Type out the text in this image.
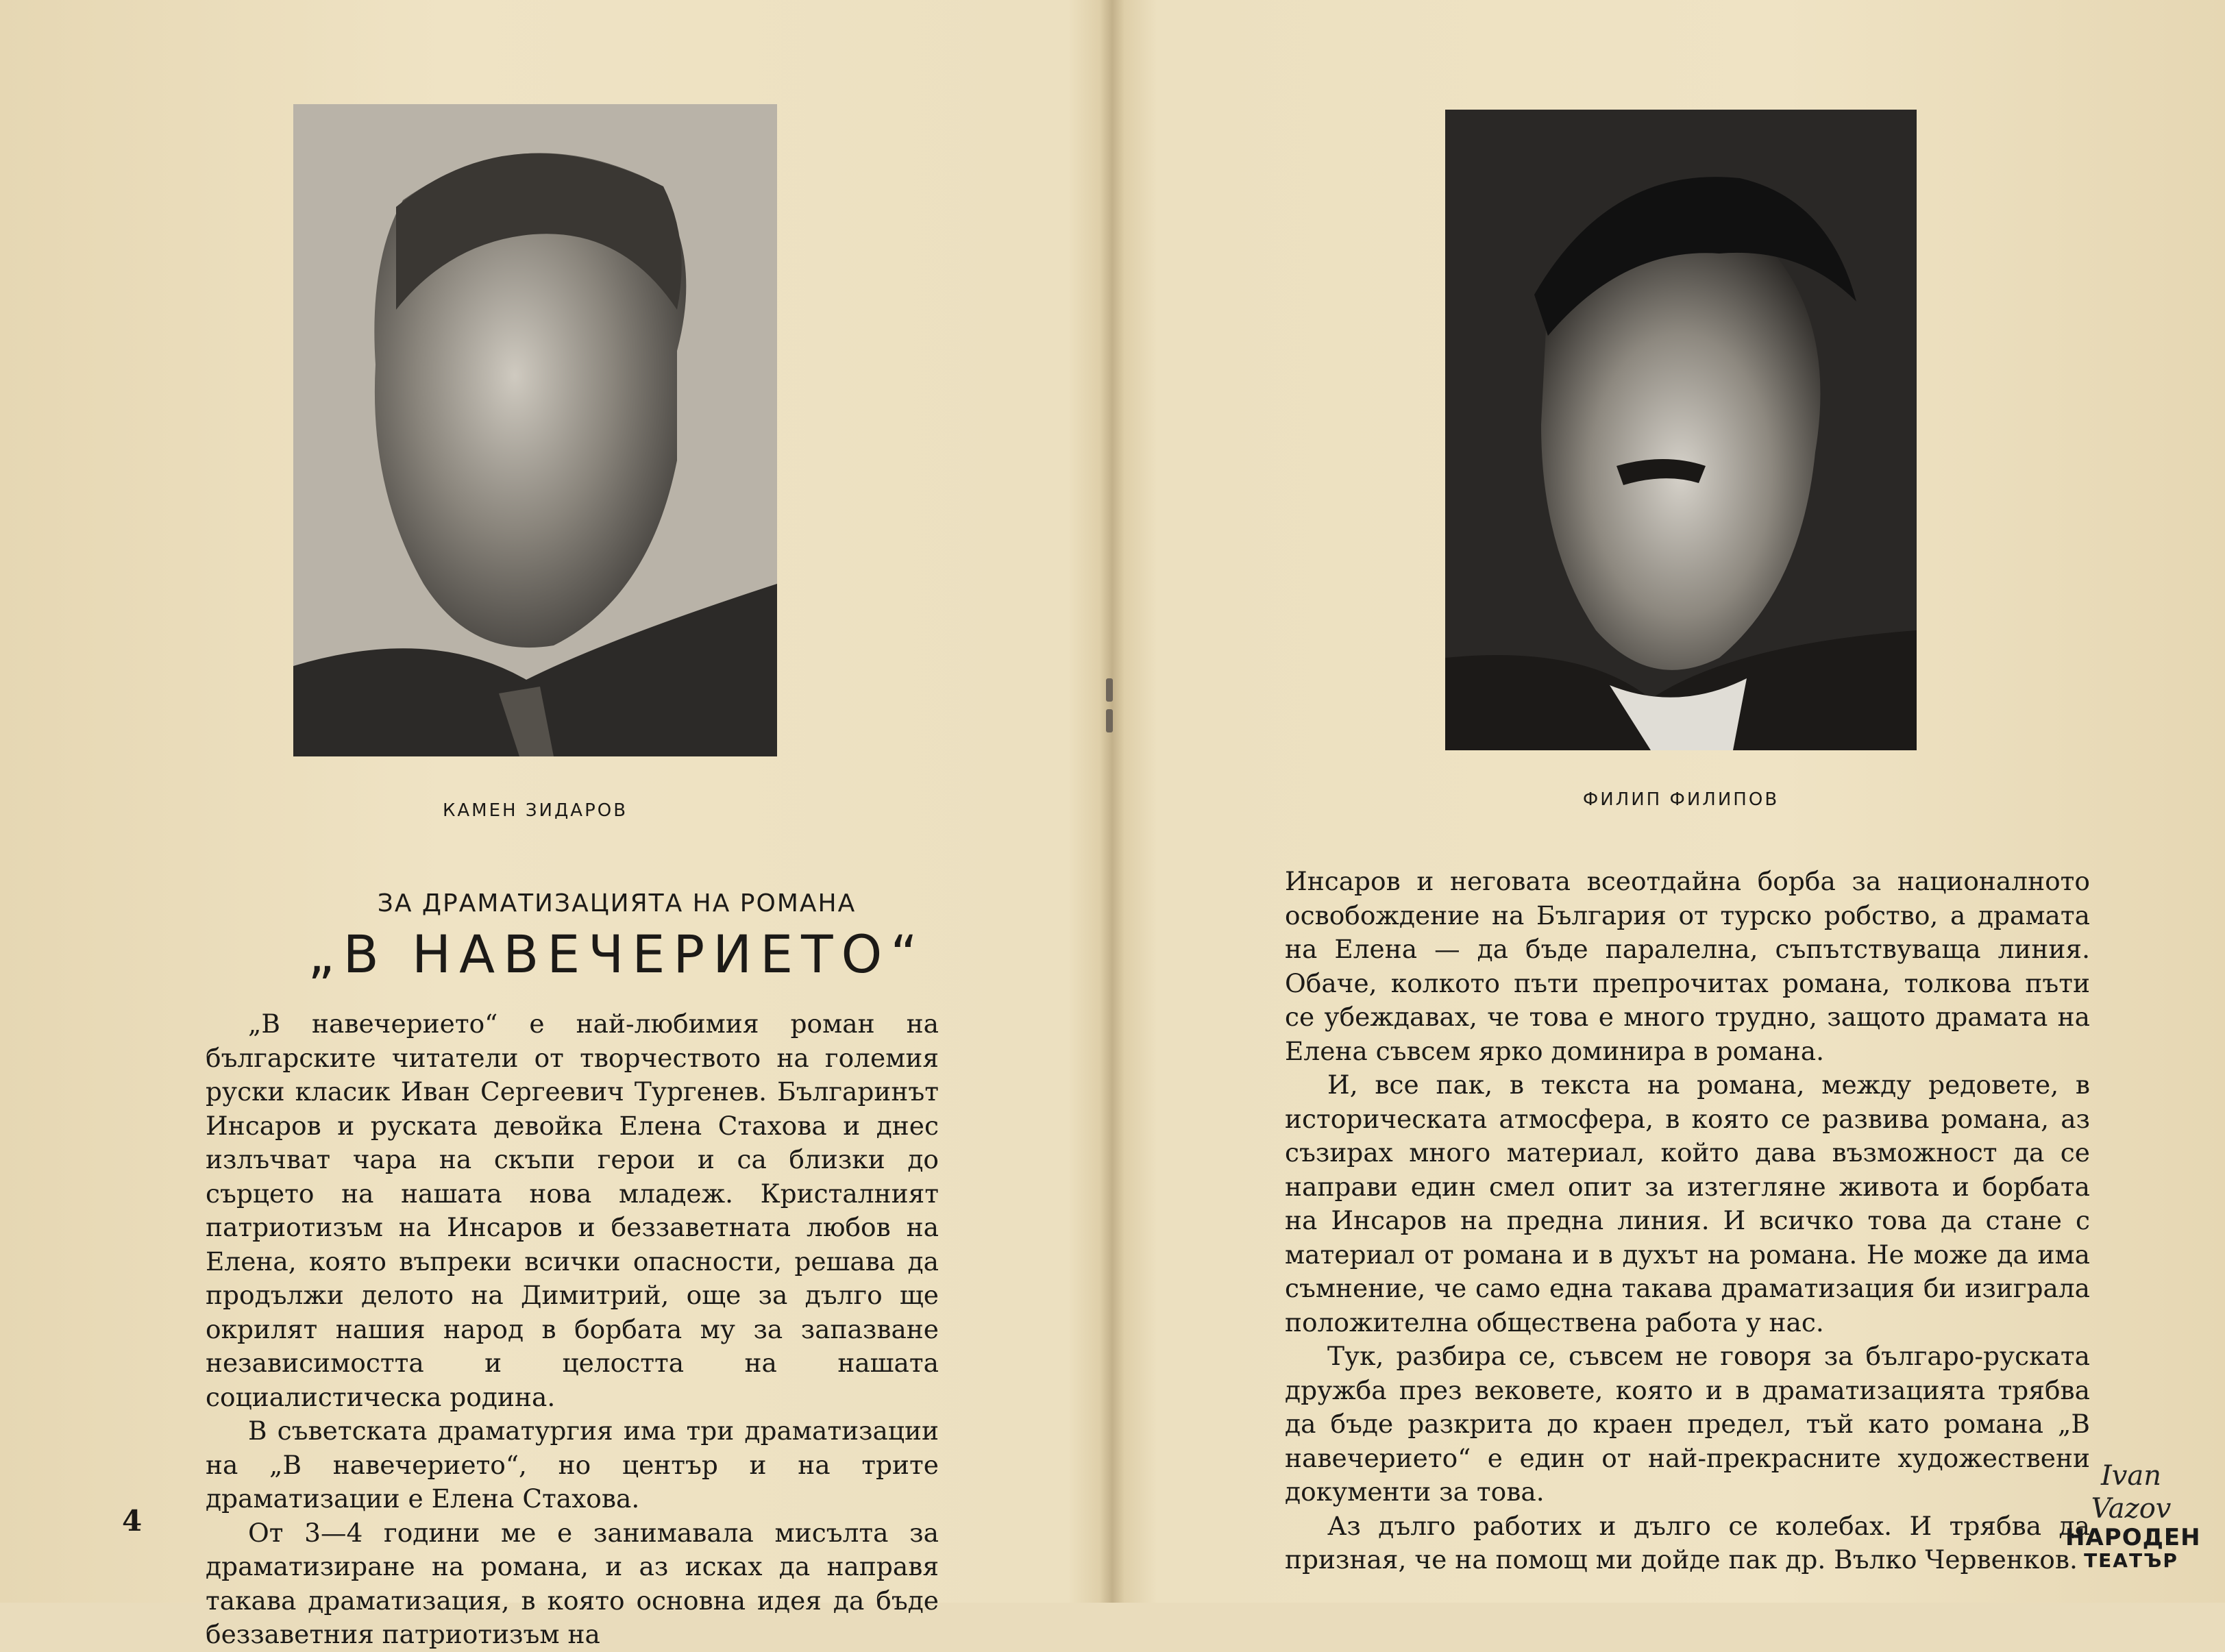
КАМЕН ЗИДАРОВ
ЗА ДРАМАТИЗАЦИЯТА НА РОМАНА
„В НАВЕЧЕРИЕТО“

„В навечерието“ е най-любимия роман на българските читатели от творчеството на големия руски класик Иван Сергеевич Тургенев. Българинът Инсаров и руската девойка Елена Стахова и днес излъчват чара на скъпи герои и са близки до сърцето на нашата нова младеж. Кристалният патриотизъм на Инсаров и беззаветната любов на Елена, която въпреки всички опасности, решава да продължи делото на Димитрий, още за дълго ще окрилят нашия народ в борбата му за запазване независимостта и целостта на нашата социалистическа родина.

В съветската драматургия има три драматизации на „В навечерието“, но център и на трите драматизации е Елена Стахова.

От 3—4 години ме е занимавала мисълта за драматизиране на романа, и аз исках да направя такава драматизация, в която основна идея да бъде беззаветния патриотизъм на

4
ФИЛИП ФИЛИПОВ

Инсаров и неговата всеотдайна борба за националното освобождение на България от турско робство, а драмата на Елена — да бъде паралелна, съпътствуваща линия. Обаче, колкото пъти препрочитах романа, толкова пъти се убеждавах, че това е много трудно, защото драмата на Елена съвсем ярко доминира в романа.

И, все пак, в текста на романа, между редовете, в историческата атмосфера, в която се развива романа, аз съзирах много материал, който дава възможност да се направи един смел опит за изтегляне живота и борбата на Инсаров на предна линия. И всичко това да стане с материал от романа и в духът на романа. Не може да има съмнение, че само една такава драматизация би изиграла положителна обществена работа у нас.

Тук, разбира се, съвсем не говоря за българо-руската дружба през вековете, която и в драматизацията трябва да бъде разкрита до краен предел, тъй като романа „В навечерието“ е един от най-прекрасните художествени документи за това.

Аз дълго работих и дълго се колебах. И трябва да призная, че на помощ ми дойде пак др. Вълко Червенков.

Ivan Vazov
НАРОДЕН
ТЕАТЪР
